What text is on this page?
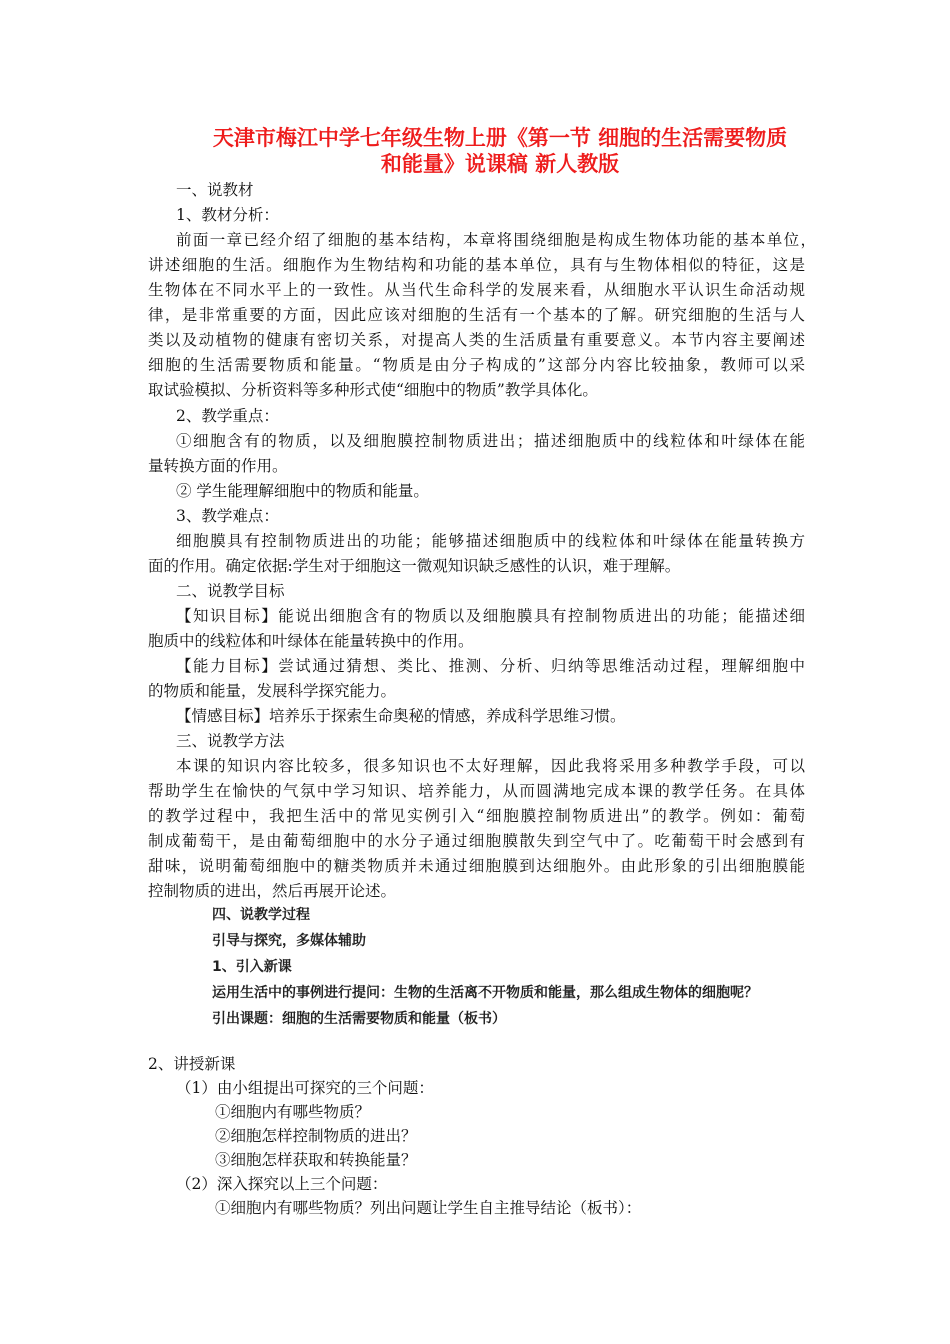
天津市梅江中学七年级生物上册《第一节 细胞的生活需要物质
和能量》说课稿 新人教版
一、说教材
1、教材分析：
前面一章已经介绍了细胞的基本结构，本章将围绕细胞是构成生物体功能的基本单位，
讲述细胞的生活。细胞作为生物结构和功能的基本单位，具有与生物体相似的特征，这是
生物体在不同水平上的一致性。从当代生命科学的发展来看，从细胞水平认识生命活动规
律，是非常重要的方面，因此应该对细胞的生活有一个基本的了解。研究细胞的生活与人
类以及动植物的健康有密切关系，对提高人类的生活质量有重要意义。本节内容主要阐述
细胞的生活需要物质和能量。“物质是由分子构成的”这部分内容比较抽象，教师可以采
取试验模拟、分析资料等多种形式使“细胞中的物质”教学具体化。
2、教学重点：
①细胞含有的物质，以及细胞膜控制物质进出；描述细胞质中的线粒体和叶绿体在能
量转换方面的作用。
② 学生能理解细胞中的物质和能量。
3、教学难点：
细胞膜具有控制物质进出的功能；能够描述细胞质中的线粒体和叶绿体在能量转换方
面的作用。确定依据:学生对于细胞这一微观知识缺乏感性的认识，难于理解。
二、说教学目标
【知识目标】能说出细胞含有的物质以及细胞膜具有控制物质进出的功能；能描述细
胞质中的线粒体和叶绿体在能量转换中的作用。
【能力目标】尝试通过猜想、类比、推测、分析、归纳等思维活动过程，理解细胞中
的物质和能量，发展科学探究能力。
【情感目标】培养乐于探索生命奥秘的情感，养成科学思维习惯。
三、说教学方法
本课的知识内容比较多，很多知识也不太好理解，因此我将采用多种教学手段，可以
帮助学生在愉快的气氛中学习知识、培养能力，从而圆满地完成本课的教学任务。在具体
的教学过程中，我把生活中的常见实例引入“细胞膜控制物质进出”的教学。例如：葡萄
制成葡萄干，是由葡萄细胞中的水分子通过细胞膜散失到空气中了。吃葡萄干时会感到有
甜味，说明葡萄细胞中的糖类物质并未通过细胞膜到达细胞外。由此形象的引出细胞膜能
控制物质的进出，然后再展开论述。
四、说教学过程
引导与探究，多媒体辅助
1、引入新课
运用生活中的事例进行提问：生物的生活离不开物质和能量，那么组成生物体的细胞呢？
引出课题：细胞的生活需要物质和能量（板书）
2、讲授新课
（1）由小组提出可探究的三个问题：
①细胞内有哪些物质？
②细胞怎样控制物质的进出？
③细胞怎样获取和转换能量？
（2）深入探究以上三个问题：
①细胞内有哪些物质？列出问题让学生自主推导结论（板书）：
